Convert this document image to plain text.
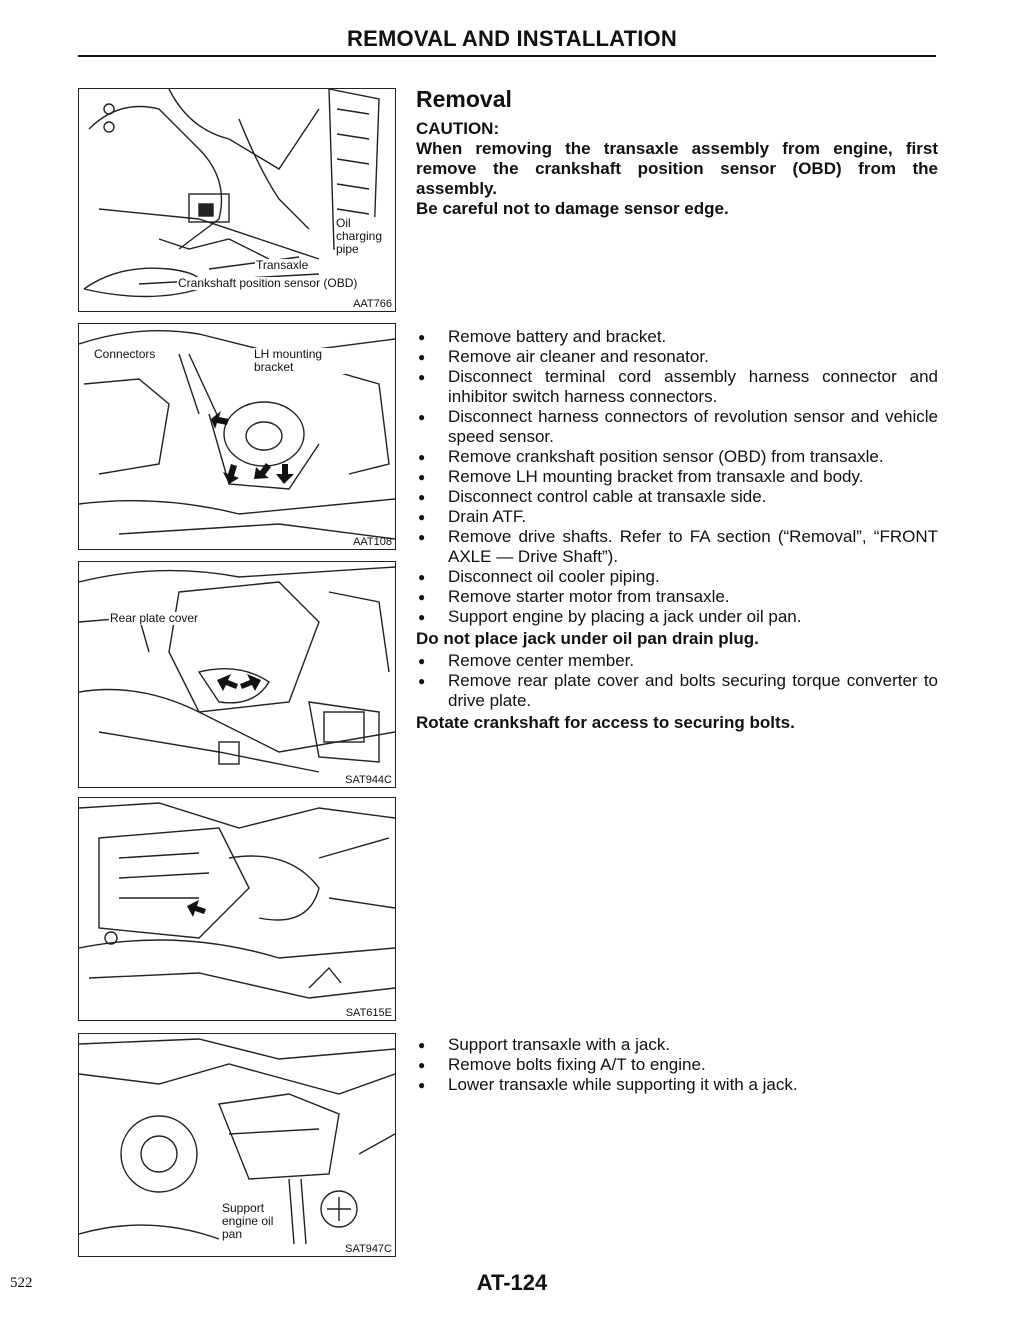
REMOVAL AND INSTALLATION
Oil charging pipe
Transaxle
Crankshaft position sensor (OBD)
AAT766
Connectors	LH mounting bracket
AAT108
Rear plate cover
SAT944C
SAT615E
Support engine oil pan
SAT947C
Removal
CAUTION:
When removing the transaxle assembly from engine, first remove the crankshaft position sensor (OBD) from the assembly.
Be careful not to damage sensor edge.
● Remove battery and bracket.
● Remove air cleaner and resonator.
● Disconnect terminal cord assembly harness connector and inhibitor switch harness connectors.
● Disconnect harness connectors of revolution sensor and vehicle speed sensor.
● Remove crankshaft position sensor (OBD) from transaxle.
● Remove LH mounting bracket from transaxle and body.
● Disconnect control cable at transaxle side.
● Drain ATF.
● Remove drive shafts. Refer to FA section (“Removal”, “FRONT AXLE — Drive Shaft”).
● Disconnect oil cooler piping.
● Remove starter motor from transaxle.
● Support engine by placing a jack under oil pan.
Do not place jack under oil pan drain plug.
● Remove center member.
● Remove rear plate cover and bolts securing torque converter to drive plate.
Rotate crankshaft for access to securing bolts.
● Support transaxle with a jack.
● Remove bolts fixing A/T to engine.
● Lower transaxle while supporting it with a jack.
522	AT-124
